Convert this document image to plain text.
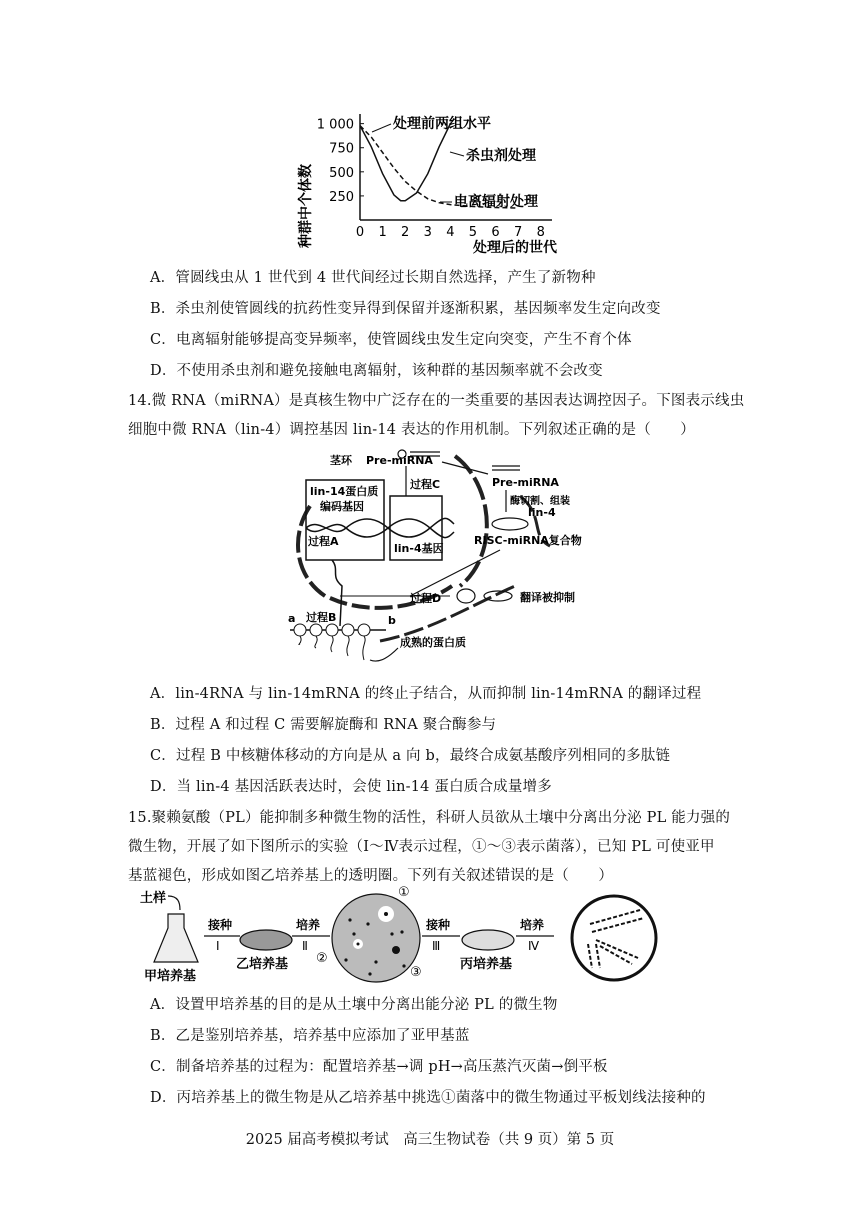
种群中个体数	0 1 2 3 4 5 6 7 8
250
500
750
1 000	处理前两组水平
杀虫剂处理
电离辐射处理
处理后的世代
A．管圆线虫从 1 世代到 4 世代间经过长期自然选择，产生了新物种
B．杀虫剂使管圆线的抗药性变异得到保留并逐渐积累，基因频率发生定向改变
C．电离辐射能够提高变异频率，使管圆线虫发生定向突变，产生不育个体
D．不使用杀虫剂和避免接触电离辐射，该种群的基因频率就不会改变
14.微 RNA（miRNA）是真核生物中广泛存在的一类重要的基因表达调控因子。下图表示线虫
细胞中微 RNA（lin-4）调控基因 lin-14 表达的作用机制。下列叙述正确的是（　　）
lin-14蛋白质
编码基因
lin-4基因
过程C
茎环 Pre-miRNA
Pre-miRNA
酶切割、组装
lin-4
RISC-miRNA复合物
过程A
过程D	翻译被抑制
过程B
a	b
成熟的蛋白质
A．lin-4RNA 与 lin-14mRNA 的终止子结合，从而抑制 lin-14mRNA 的翻译过程
B．过程 A 和过程 C 需要解旋酶和 RNA 聚合酶参与
C．过程 B 中核糖体移动的方向是从 a 向 b，最终合成氨基酸序列相同的多肽链
D．当 lin-4 基因活跃表达时，会使 lin-14 蛋白质合成量增多
15.聚赖氨酸（PL）能抑制多种微生物的活性，科研人员欲从土壤中分离出分泌 PL 能力强的
微生物，开展了如下图所示的实验（Ⅰ～Ⅳ表示过程，①～③表示菌落），已知 PL 可使亚甲
基蓝褪色，形成如图乙培养基上的透明圈。下列有关叙述错误的是（　　）
土样
甲培养基
接种
Ⅰ
乙培养基
培养
Ⅱ
①
②
③
接种
Ⅲ
丙培养基
培养
Ⅳ
A．设置甲培养基的目的是从土壤中分离出能分泌 PL 的微生物
B．乙是鉴别培养基，培养基中应添加了亚甲基蓝
C．制备培养基的过程为：配置培养基→调 pH→高压蒸汽灭菌→倒平板
D．丙培养基上的微生物是从乙培养基中挑选①菌落中的微生物通过平板划线法接种的
2025 届高考模拟考试　高三生物试卷（共 9 页）第 5 页
